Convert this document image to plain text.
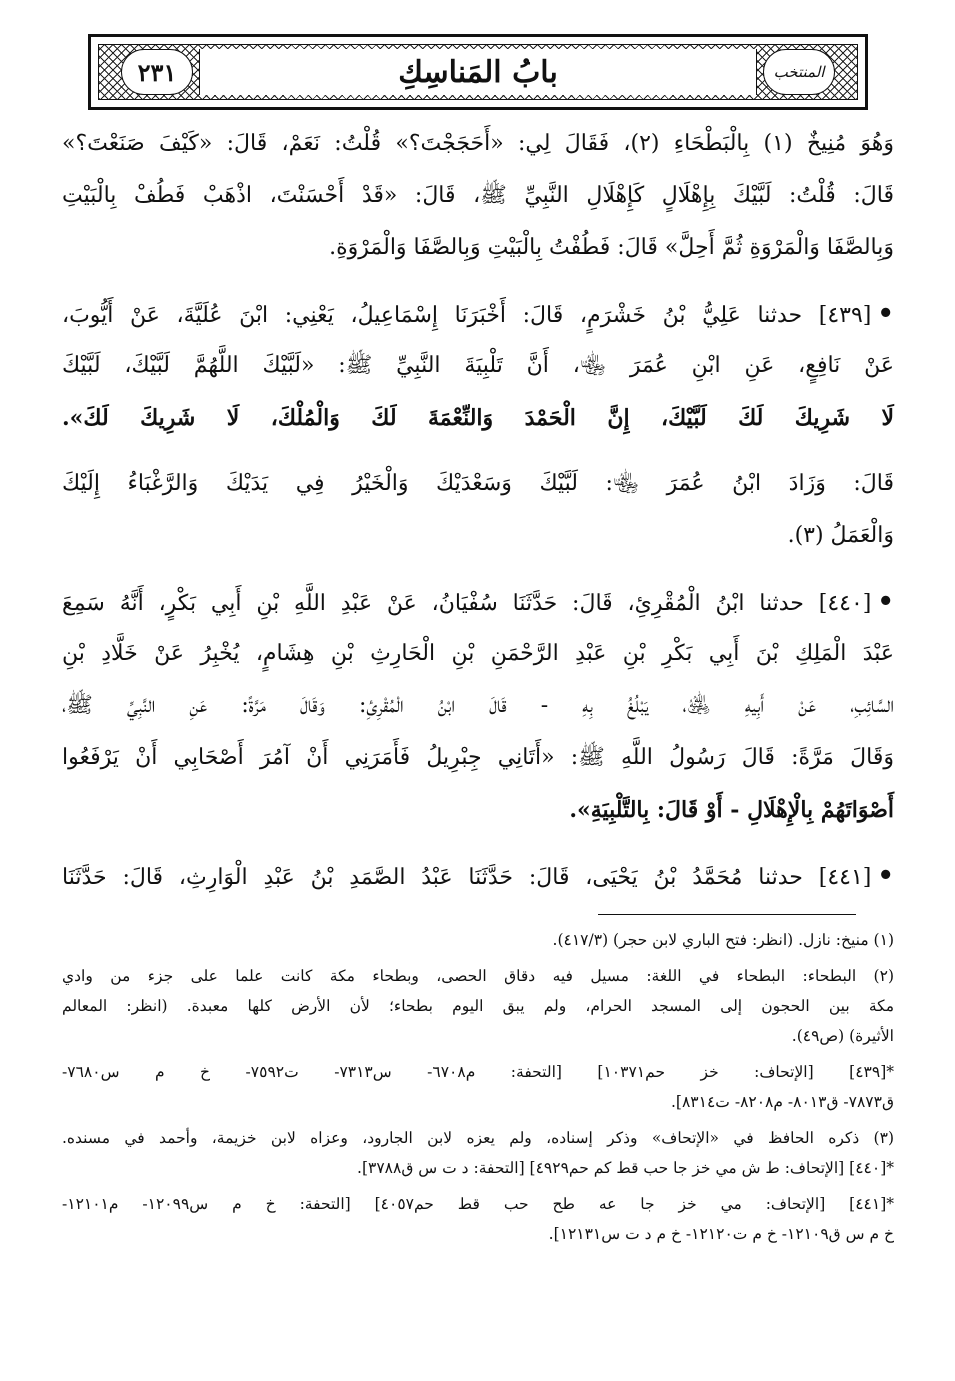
٢٣١	بابُ المَناسِكِ	المنتخب
وَهُوَ مُنِيخٌ (١) بِالْبَطْحَاءِ (٢)، فَقَالَ لِي: «أَحَجَجْتَ؟» قُلْتُ: نَعَمْ، قَالَ: «كَيْفَ صَنَعْتَ؟»
قَالَ: قُلْتُ: لَبَّيْكَ بِإِهْلَالٍ كَإِهْلَالِ النَّبِيِّ ﷺ، قَالَ: «قَدْ أَحْسَنْتَ، اذْهَبْ فَطُفْ بِالْبَيْتِ
وَبِالصَّفَا وَالْمَرْوَةِ ثُمَّ أَحِلَّ» قَالَ: فَطُفْتُ بِالْبَيْتِ وَبِالصَّفَا وَالْمَرْوَةِ.
•[٤٣٩] حدثنا عَلِيُّ بْنُ خَشْرَمٍ، قَالَ: أَخْبَرَنَا إِسْمَاعِيلُ، يَعْنِي: ابْنَ عُلَيَّةَ، عَنْ أَيُّوبَ،
عَنْ نَافِعٍ، عَنِ ابْنِ عُمَرَ ﵄، أَنَّ تَلْبِيَةَ النَّبِيِّ ﷺ: «لَبَّيْكَ اللَّهُمَّ لَبَّيْكَ، لَبَّيْكَ
لَا شَرِيكَ لَكَ لَبَّيْكَ، إِنَّ الْحَمْدَ وَالنِّعْمَةَ لَكَ وَالْمُلْكَ، لَا شَرِيكَ لَكَ».
قَالَ: وَزَادَ ابْنُ عُمَرَ ﵄: لَبَّيْكَ وَسَعْدَيْكَ وَالْخَيْرُ فِي يَدَيْكَ وَالرَّغْبَاءُ إِلَيْكَ
وَالْعَمَلُ (٣).
•[٤٤٠] حدثنا ابْنُ الْمُقْرِئِ، قَالَ: حَدَّثَنَا سُفْيَانُ، عَنْ عَبْدِ اللَّهِ بْنِ أَبِي بَكْرٍ، أَنَّهُ سَمِعَ
عَبْدَ الْمَلِكِ بْنَ أَبِي بَكْرِ بْنِ عَبْدِ الرَّحْمَنِ بْنِ الْحَارِثِ بْنِ هِشَامٍ، يُخْبِرُ عَنْ خَلَّادِ بْنِ
السَّائِبِ، عَنْ أَبِيهِ ﵁، يَبْلُغُ بِهِ - قَالَ ابْنُ الْمُقْرِئِ: وَقَالَ مَرَّةً: عَنِ النَّبِيِّ ﷺ،
وَقَالَ مَرَّةً: قَالَ رَسُولُ اللَّهِ ﷺ: «أَتَانِي جِبْرِيلُ فَأَمَرَنِي أَنْ آمُرَ أَصْحَابِي أَنْ يَرْفَعُوا
أَصْوَاتَهُمْ بِالْإِهْلَالِ - أَوْ قَالَ: بِالتَّلْبِيَةِ».
•[٤٤١] حدثنا مُحَمَّدُ بْنُ يَحْيَى، قَالَ: حَدَّثَنَا عَبْدُ الصَّمَدِ بْنُ عَبْدِ الْوَارِثِ، قَالَ: حَدَّثَنَا
(١) منيخ: نازل. (انظر: فتح الباري لابن حجر) (٤١٧/٣).
(٢) البطحاء: البطحاء في اللغة: مسيل فيه دقاق الحصى، وبطحاء مكة كانت علما على جزء من وادي
مكة بين الحجون إلى المسجد الحرام، ولم يبق اليوم بطحاء؛ لأن الأرض كلها معبدة. (انظر: المعالم
الأثيرة) (ص٤٩).
*[٤٣٩] [الإتحاف: خز حم١٠٣٧١] [التحفة: م٦٧٠٨- س٧٣١٣- ت٧٥٩٢- خ م س٧٦٨٠-
ق٧٨٧٣- ق٨٠١٣- م٨٢٠٨- ت٨٣١٤].
(٣) ذكره الحافظ في «الإتحاف» وذكر إسناده، ولم يعزه لابن الجارود، وعزاه لابن خزيمة، وأحمد في مسنده.
*[٤٤٠] [الإتحاف: ط ش مي خز جا حب قط كم حم٤٩٢٩] [التحفة: د ت س ق٣٧٨٨].
*[٤٤١] [الإتحاف: مي خز جا عه طح حب قط حم٤٠٥٧] [التحفة: خ م س١٢٠٩٩- م١٢١٠١-
خ م س ق١٢١٠٩- خ م ت١٢١٢٠- خ م د ت س١٢١٣١].
